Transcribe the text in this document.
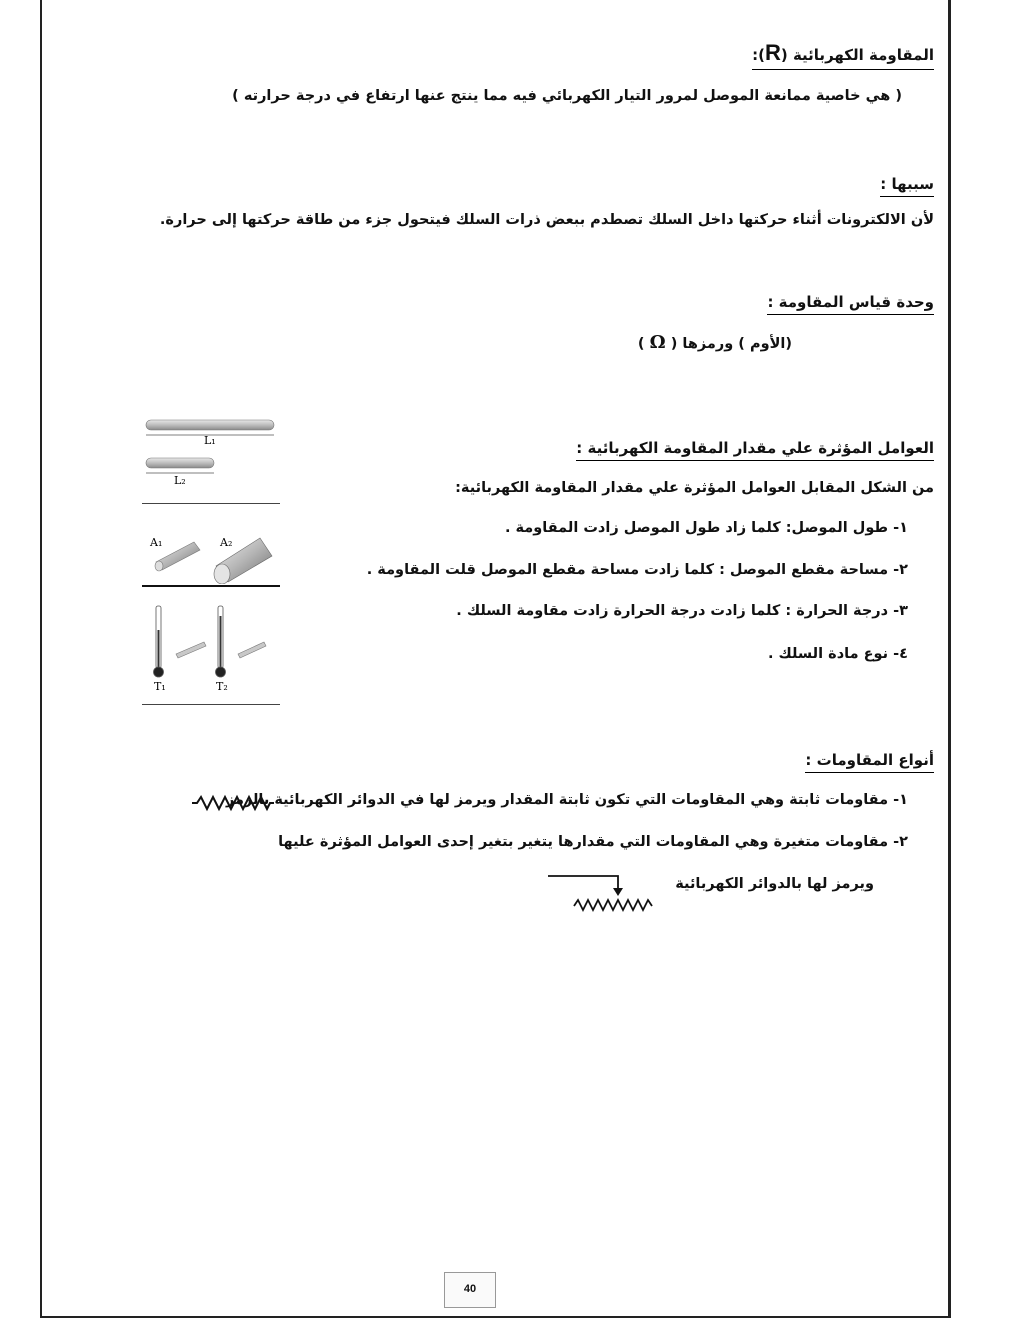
المقاومة الكهربائية (R):
( هي خاصية ممانعة الموصل لمرور التيار الكهربائي فيه مما ينتج عنها ارتفاع في درجة حرارته )
سببها :
لأن الالكترونات أثناء حركتها داخل السلك تصطدم ببعض ذرات السلك فيتحول جزء من طاقة حركتها إلى حرارة.
وحدة قياس المقاومة :
(الأوم ) ورمزها ( Ω )
العوامل المؤثرة علي مقدار المقاومة الكهربائية :
من الشكل المقابل العوامل المؤثرة علي مقدار المقاومة الكهربائية:
١- طول الموصل: كلما زاد طول الموصل زادت المقاومة .
٢- مساحة مقطع الموصل : كلما زادت مساحة مقطع الموصل قلت المقاومة .
٣- درجة الحرارة : كلما زادت درجة الحرارة زادت مقاومة السلك .
٤- نوع مادة السلك .
L₁
L₂
A₁	A₂
T₁	T₂
أنواع المقاومات :
١- مقاومات ثابتة وهي المقاومات التي تكون ثابتة المقدار ويرمز لها في الدوائر الكهربائية بالرمز
٢- مقاومات متغيرة وهي المقاومات التي مقدارها يتغير بتغير إحدى العوامل المؤثرة عليها
ويرمز لها بالدوائر الكهربائية
40
